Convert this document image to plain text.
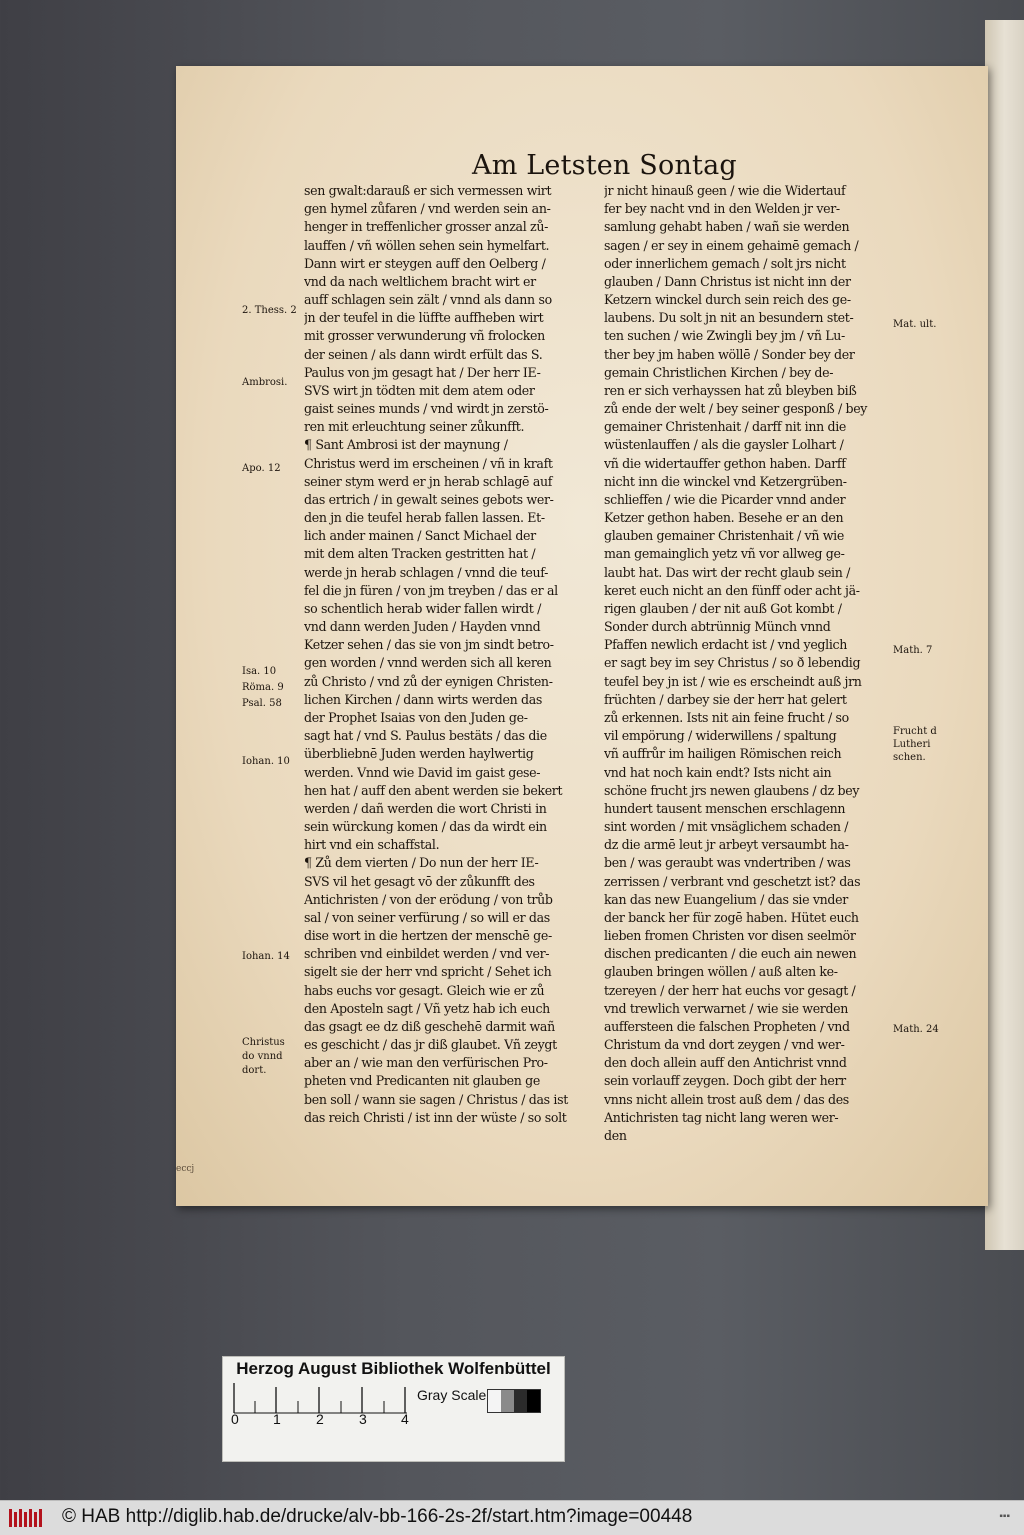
Am Letsten Sontag
sen gwalt:darauß er sich vermessen wirt
gen hymel zůfaren / vnd werden sein an-
henger in treffenlicher grosser anzal zů-
lauffen / vñ wöllen sehen sein hymelfart.
Dann wirt er steygen auff den Oelberg /
vnd da nach weltlichem bracht wirt er
auff schlagen sein zält / vnnd als dann so
jn der teufel in die lüffte auffheben wirt
mit grosser verwunderung vñ frolocken
der seinen / als dann wirdt erfült das S.
Paulus von jm gesagt hat / Der herr IE-
SVS wirt jn tödten mit dem atem oder
gaist seines munds / vnd wirdt jn zerstö-
ren mit erleuchtung seiner zůkunfft.
¶ Sant Ambrosi ist der maynung /
Christus werd im erscheinen / vñ in kraft
seiner stym werd er jn herab schlagē auf
das ertrich / in gewalt seines gebots wer-
den jn die teufel herab fallen lassen. Et-
lich ander mainen / Sanct Michael der
mit dem alten Tracken gestritten hat /
werde jn herab schlagen / vnnd die teuf-
fel die jn füren / von jm treyben / das er al
so schentlich herab wider fallen wirdt /
vnd dann werden Juden / Hayden vnnd
Ketzer sehen / das sie von jm sindt betro-
gen worden / vnnd werden sich all keren
zů Christo / vnd zů der eynigen Christen-
lichen Kirchen / dann wirts werden das
der Prophet Isaias von den Juden ge-
sagt hat / vnd S. Paulus bestäts / das die
überbliebnē Juden werden haylwertig
werden. Vnnd wie David im gaist gese-
hen hat / auff den abent werden sie bekert
werden / dañ werden die wort Christi in
sein würckung komen / das da wirdt ein
hirt vnd ein schaffstal.
¶ Zů dem vierten / Do nun der herr IE-
SVS vil het gesagt vō der zůkunfft des
Antichristen / von der erödung / von trůb
sal / von seiner verfürung / so will er das
dise wort in die hertzen der menschē ge-
schriben vnd einbildet werden / vnd ver-
sigelt sie der herr vnd spricht / Sehet ich
habs euchs vor gesagt. Gleich wie er zů
den Aposteln sagt / Vñ yetz hab ich euch
das gsagt ee dz diß geschehē darmit wañ
es geschicht / das jr diß glaubet. Vñ zeygt
aber an / wie man den verfürischen Pro-
pheten vnd Predicanten nit glauben ge
ben soll / wann sie sagen / Christus / das ist
das reich Christi / ist inn der wüste / so solt
jr nicht hinauß geen / wie die Widertauf
fer bey nacht vnd in den Welden jr ver-
samlung gehabt haben / wañ sie werden
sagen / er sey in einem gehaimē gemach /
oder innerlichem gemach / solt jrs nicht
glauben / Dann Christus ist nicht inn der
Ketzern winckel durch sein reich des ge-
laubens. Du solt jn nit an besundern stet-
ten suchen / wie Zwingli bey jm / vñ Lu-
ther bey jm haben wöllē / Sonder bey der
gemain Christlichen Kirchen / bey de-
ren er sich verhayssen hat zů bleyben biß
zů ende der welt / bey seiner gesponß / bey
gemainer Christenhait / darff nit inn die
wüstenlauffen / als die gaysler Lolhart /
vñ die widertauffer gethon haben. Darff
nicht inn die winckel vnd Ketzergrüben-
schlieffen / wie die Picarder vnnd ander
Ketzer gethon haben. Besehe er an den
glauben gemainer Christenhait / vñ wie
man gemainglich yetz vñ vor allweg ge-
laubt hat. Das wirt der recht glaub sein /
keret euch nicht an den fünff oder acht jä-
rigen glauben / der nit auß Got kombt /
Sonder durch abtrünnig Münch vnnd
Pfaffen newlich erdacht ist / vnd yeglich
er sagt bey im sey Christus / so ð lebendig
teufel bey jn ist / wie es erscheindt auß jrn
früchten / darbey sie der herr hat gelert
zů erkennen. Ists nit ain feine frucht / so
vil empörung / widerwillens / spaltung
vñ auffrůr im hailigen Römischen reich
vnd hat noch kain endt? Ists nicht ain
schöne frucht jrs newen glaubens / dz bey
hundert tausent menschen erschlagenn
sint worden / mit vnsäglichem schaden /
dz die armē leut jr arbeyt versaumbt ha-
ben / was geraubt was vndertriben / was
zerrissen / verbrant vnd geschetzt ist? das
kan das new Euangelium / das sie vnder
der banck her für zogē haben. Hütet euch
lieben fromen Christen vor disen seelmör
dischen predicanten / die euch ain newen
glauben bringen wöllen / auß alten ke-
tzereyen / der herr hat euchs vor gesagt /
vnd trewlich verwarnet / wie sie werden
auffersteen die falschen Propheten / vnd
Christum da vnd dort zeygen / vnd wer-
den doch allein auff den Antichrist vnnd
sein vorlauff zeygen. Doch gibt der herr
vnns nicht allein trost auß dem / das des
Antichristen tag nicht lang weren wer-
den
2. Thess. 2
Ambrosi.
Apo. 12
Isa. 10
Röma. 9
Psal. 58
Iohan. 10
Iohan. 14
Christus
do vnnd
dort.
Mat. ult.
Math. 7
Frucht d
Lutheri
schen.
Math. 24
eccj
Herzog August Bibliothek Wolfenbüttel
0 1	2	3 4
Gray Scale
© HAB http://diglib.hab.de/drucke/alv-bb-166-2s-2f/start.htm?image=00448	▪▪▪
